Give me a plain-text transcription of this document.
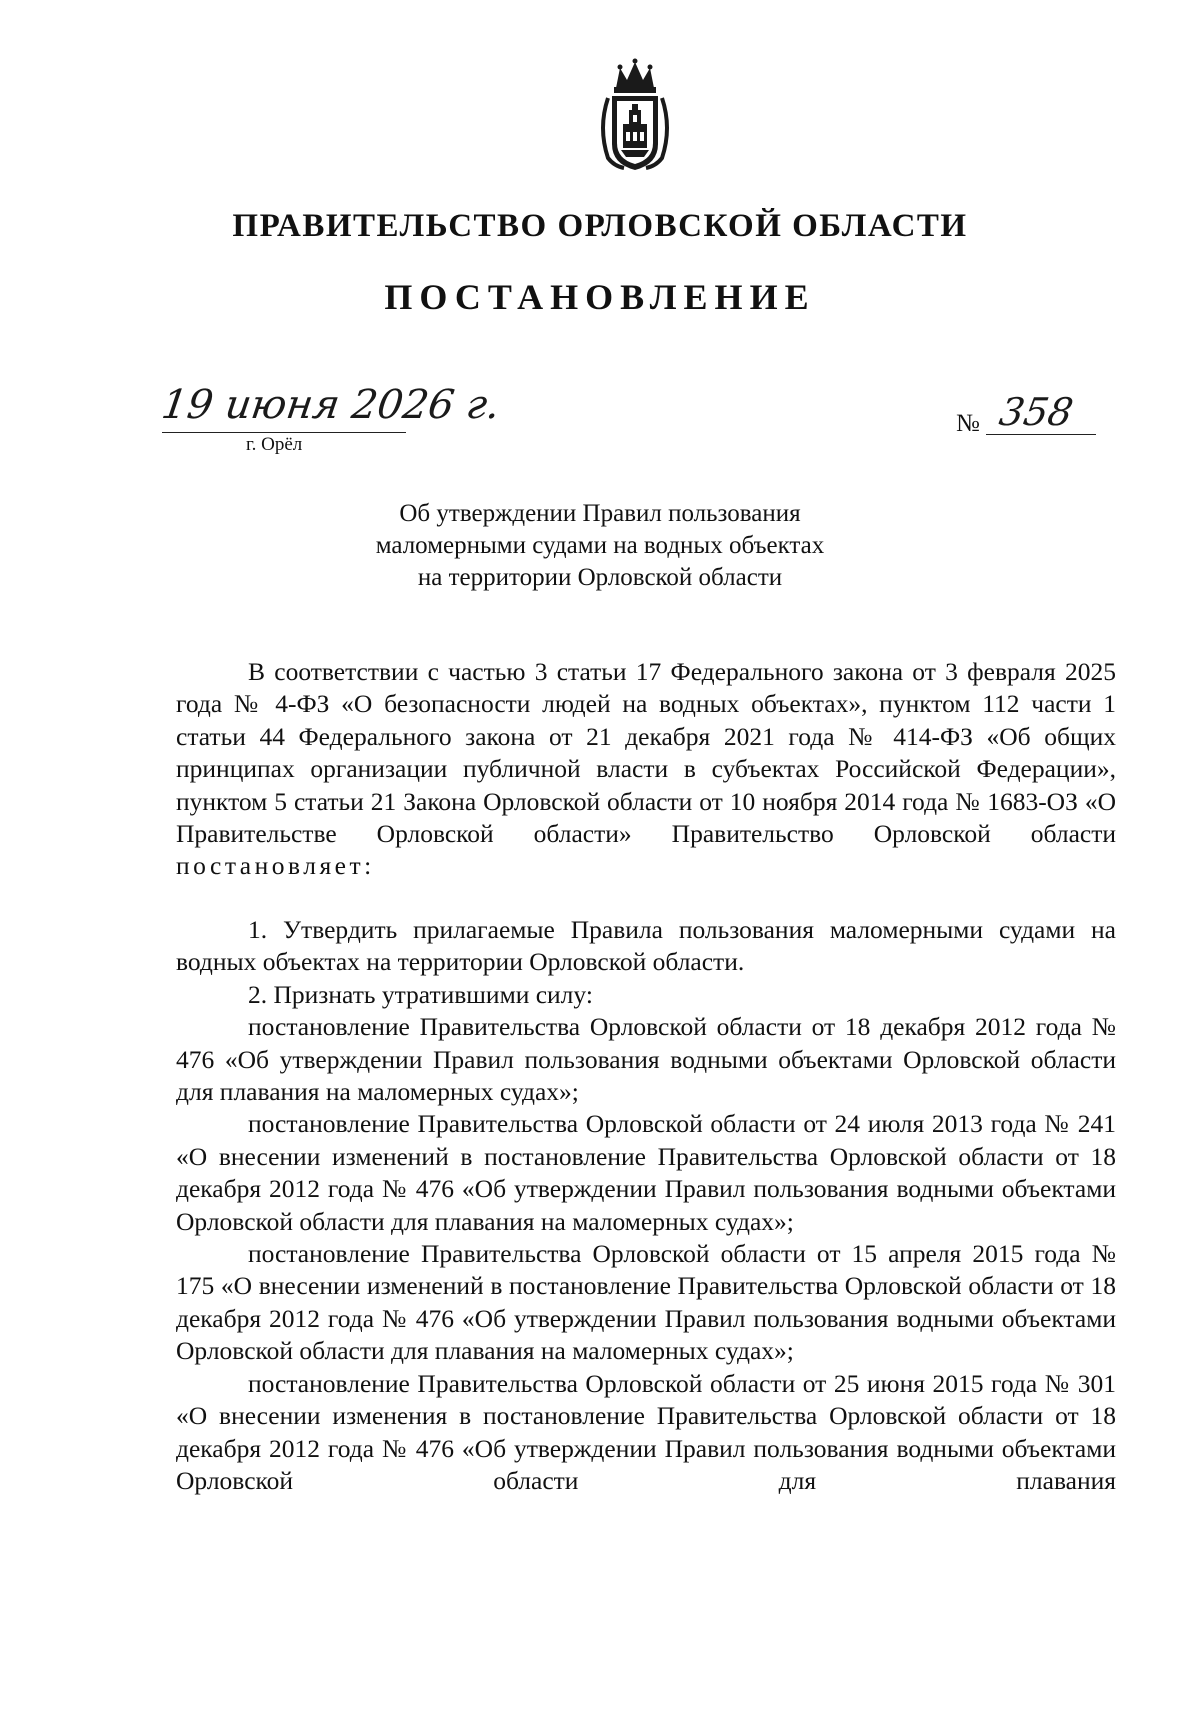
ПРАВИТЕЛЬСТВО ОРЛОВСКОЙ ОБЛАСТИ
ПОСТАНОВЛЕНИЕ
19 июня 2026 г.
г. Орёл
№ 358
Об утверждении Правил пользования
маломерными судами на водных объектах
на территории Орловской области

В соответствии с частью 3 статьи 17 Федерального закона от 3 февраля 2025 года № 4-ФЗ «О безопасности людей на водных объектах», пунктом 112 части 1 статьи 44 Федерального закона от 21 декабря 2021 года № 414-ФЗ «Об общих принципах организации публичной власти в субъектах Российской Федерации», пунктом 5 статьи 21 Закона Орловской области от 10 ноября 2014 года № 1683-ОЗ «О Правительстве Орловской области» Правительство Орловской области постановляет:

1. Утвердить прилагаемые Правила пользования маломерными судами на водных объектах на территории Орловской области.

2. Признать утратившими силу:

постановление Правительства Орловской области от 18 декабря 2012 года № 476 «Об утверждении Правил пользования водными объектами Орловской области для плавания на маломерных судах»;

постановление Правительства Орловской области от 24 июля 2013 года № 241 «О внесении изменений в постановление Правительства Орловской области от 18 декабря 2012 года № 476 «Об утверждении Правил пользования водными объектами Орловской области для плавания на маломерных судах»;

постановление Правительства Орловской области от 15 апреля 2015 года № 175 «О внесении изменений в постановление Правительства Орловской области от 18 декабря 2012 года № 476 «Об утверждении Правил пользования водными объектами Орловской области для плавания на маломерных судах»;

постановление Правительства Орловской области от 25 июня 2015 года № 301 «О внесении изменения в постановление Правительства Орловской области от 18 декабря 2012 года № 476 «Об утверждении Правил пользования водными объектами Орловской области для плавания
